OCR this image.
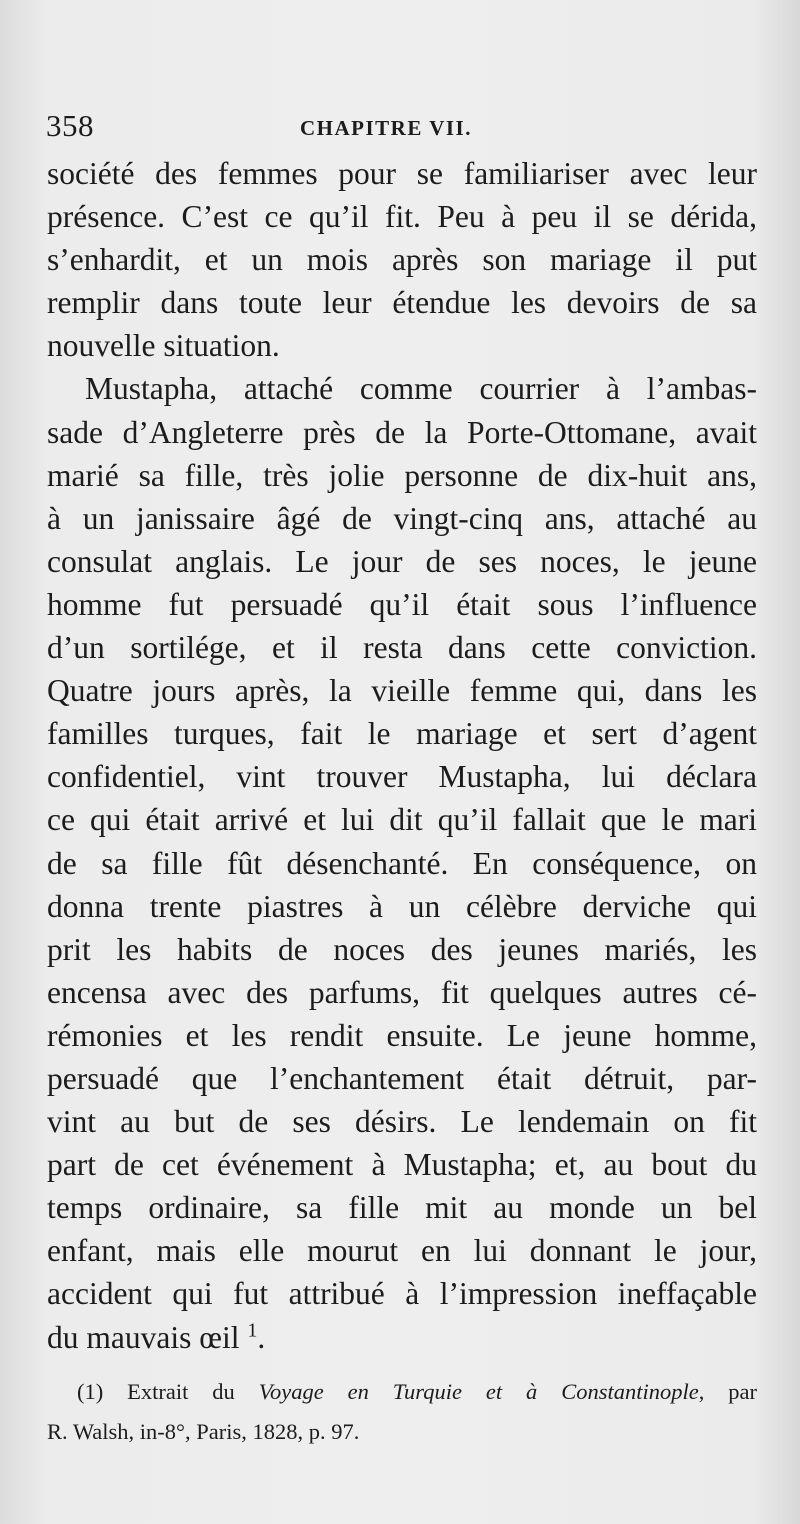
358	CHAPITRE VII.
société des femmes pour se familiariser avec leur
présence. C’est ce qu’il fit. Peu à peu il se dérida,
s’enhardit, et un mois après son mariage il put
remplir dans toute leur étendue les devoirs de sa
nouvelle situation.
Mustapha, attaché comme courrier à l’ambas-
sade d’Angleterre près de la Porte-Ottomane, avait
marié sa fille, très jolie personne de dix-huit ans,
à un janissaire âgé de vingt-cinq ans, attaché au
consulat anglais. Le jour de ses noces, le jeune
homme fut persuadé qu’il était sous l’influence
d’un sortilége, et il resta dans cette conviction.
Quatre jours après, la vieille femme qui, dans les
familles turques, fait le mariage et sert d’agent
confidentiel, vint trouver Mustapha, lui déclara
ce qui était arrivé et lui dit qu’il fallait que le mari
de sa fille fût désenchanté. En conséquence, on
donna trente piastres à un célèbre derviche qui
prit les habits de noces des jeunes mariés, les
encensa avec des parfums, fit quelques autres cé-
rémonies et les rendit ensuite. Le jeune homme,
persuadé que l’enchantement était détruit, par-
vint au but de ses désirs. Le lendemain on fit
part de cet événement à Mustapha; et, au bout du
temps ordinaire, sa fille mit au monde un bel
enfant, mais elle mourut en lui donnant le jour,
accident qui fut attribué à l’impression ineffaçable
du mauvais œil $^1$.
(1) Extrait du Voyage en Turquie et à Constantinople, par
R. Walsh, in-8°, Paris, 1828, p. 97.
